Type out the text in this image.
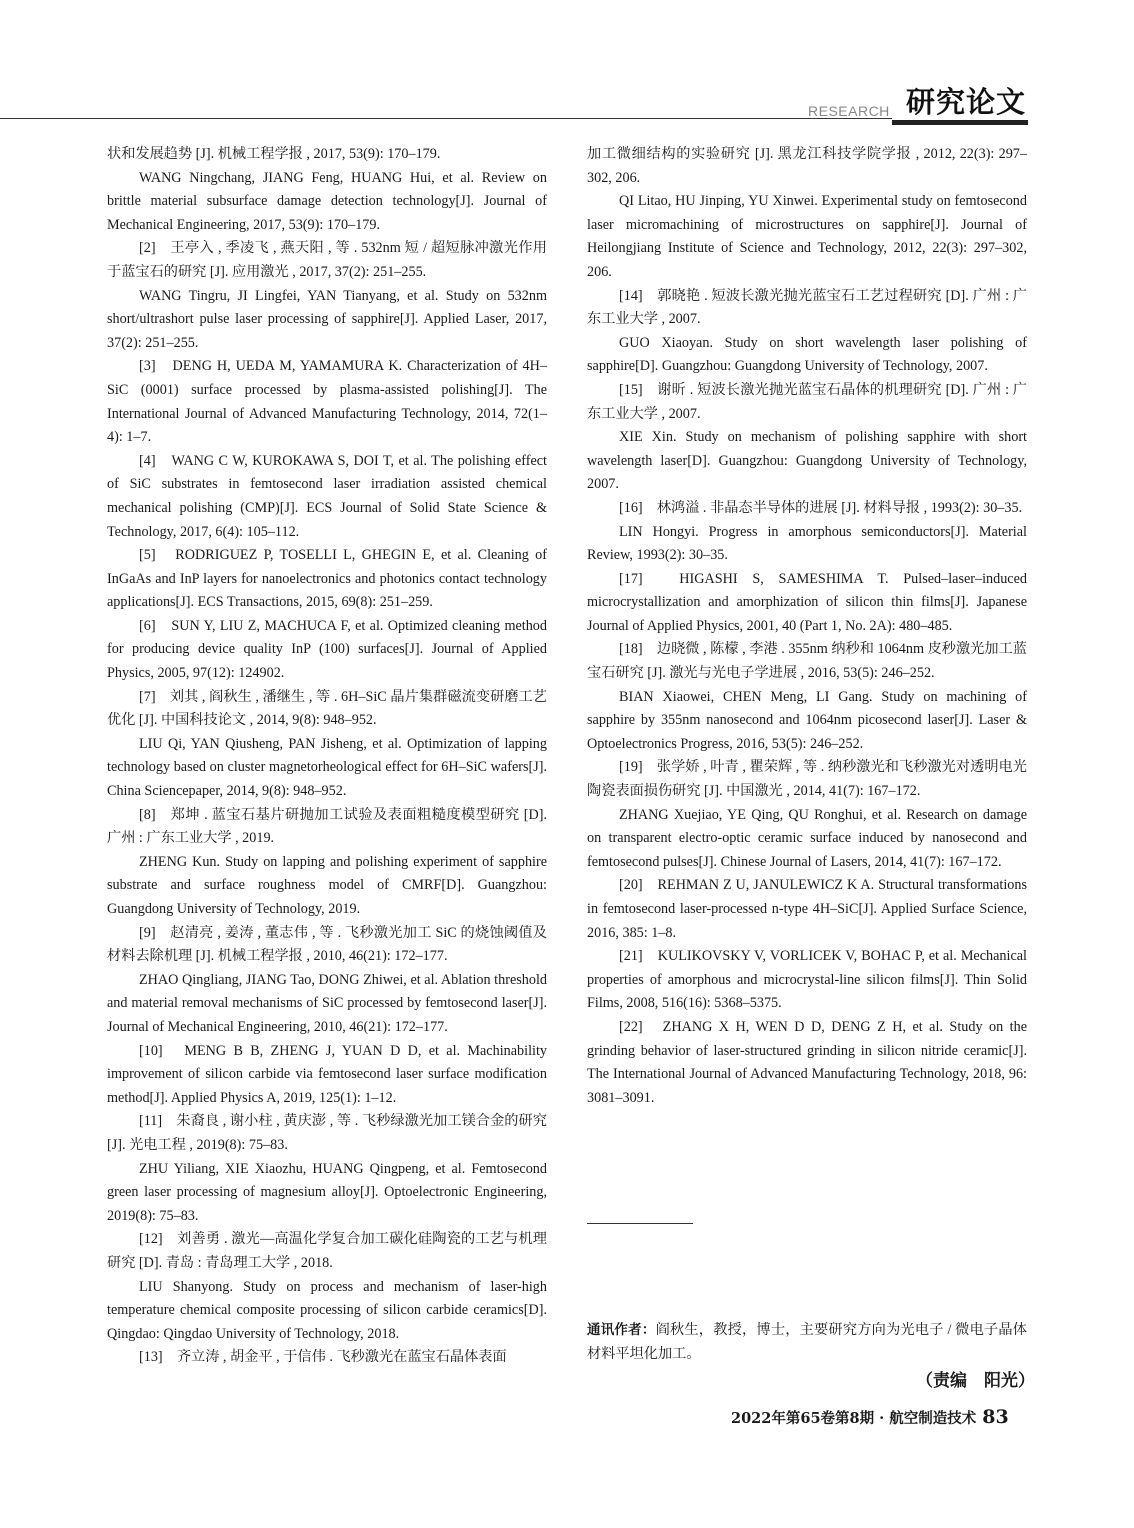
RESEARCH 研究论文

状和发展趋势 [J]. 机械工程学报 , 2017, 53(9): 170–179.

WANG Ningchang, JIANG Feng, HUANG Hui, et al. Review on brittle material subsurface damage detection technology[J]. Journal of Mechanical Engineering, 2017, 53(9): 170–179.

[2]　王亭入 , 季凌飞 , 燕天阳 , 等 . 532nm 短 / 超短脉冲激光作用于蓝宝石的研究 [J]. 应用激光 , 2017, 37(2): 251–255.

WANG Tingru, JI Lingfei, YAN Tianyang, et al. Study on 532nm short/ultrashort pulse laser processing of sapphire[J]. Applied Laser, 2017, 37(2): 251–255.

[3]　DENG H, UEDA M, YAMAMURA K. Characterization of 4H–SiC (0001) surface processed by plasma-assisted polishing[J]. The International Journal of Advanced Manufacturing Technology, 2014, 72(1–4): 1–7.

[4]　WANG C W, KUROKAWA S, DOI T, et al. The polishing effect of SiC substrates in femtosecond laser irradiation assisted chemical mechanical polishing (CMP)[J]. ECS Journal of Solid State Science & Technology, 2017, 6(4): 105–112.

[5]　RODRIGUEZ P, TOSELLI L, GHEGIN E, et al. Cleaning of InGaAs and InP layers for nanoelectronics and photonics contact technology applications[J]. ECS Transactions, 2015, 69(8): 251–259.

[6]　SUN Y, LIU Z, MACHUCA F, et al. Optimized cleaning method for producing device quality InP (100) surfaces[J]. Journal of Applied Physics, 2005, 97(12): 124902.

[7]　刘其 , 阎秋生 , 潘继生 , 等 . 6H–SiC 晶片集群磁流变研磨工艺优化 [J]. 中国科技论文 , 2014, 9(8): 948–952.

LIU Qi, YAN Qiusheng, PAN Jisheng, et al. Optimization of lapping technology based on cluster magnetorheological effect for 6H–SiC wafers[J]. China Sciencepaper, 2014, 9(8): 948–952.

[8]　郑坤 . 蓝宝石基片研抛加工试验及表面粗糙度模型研究 [D]. 广州 : 广东工业大学 , 2019.

ZHENG Kun. Study on lapping and polishing experiment of sapphire substrate and surface roughness model of CMRF[D]. Guangzhou: Guangdong University of Technology, 2019.

[9]　赵清亮 , 姜涛 , 董志伟 , 等 . 飞秒激光加工 SiC 的烧蚀阈值及材料去除机理 [J]. 机械工程学报 , 2010, 46(21): 172–177.

ZHAO Qingliang, JIANG Tao, DONG Zhiwei, et al. Ablation threshold and material removal mechanisms of SiC processed by femtosecond laser[J]. Journal of Mechanical Engineering, 2010, 46(21): 172–177.

[10]　MENG B B, ZHENG J, YUAN D D, et al. Machinability improvement of silicon carbide via femtosecond laser surface modification method[J]. Applied Physics A, 2019, 125(1): 1–12.

[11]　朱裔良 , 谢小柱 , 黄庆澎 , 等 . 飞秒绿激光加工镁合金的研究 [J]. 光电工程 , 2019(8): 75–83.

ZHU Yiliang, XIE Xiaozhu, HUANG Qingpeng, et al. Femtosecond green laser processing of magnesium alloy[J]. Optoelectronic Engineering, 2019(8): 75–83.

[12]　刘善勇 . 激光—高温化学复合加工碳化硅陶瓷的工艺与机理研究 [D]. 青岛 : 青岛理工大学 , 2018.

LIU Shanyong. Study on process and mechanism of laser-high temperature chemical composite processing of silicon carbide ceramics[D]. Qingdao: Qingdao University of Technology, 2018.

[13]　齐立涛 , 胡金平 , 于信伟 . 飞秒激光在蓝宝石晶体表面

加工微细结构的实验研究 [J]. 黑龙江科技学院学报 , 2012, 22(3): 297–302, 206.

QI Litao, HU Jinping, YU Xinwei. Experimental study on femtosecond laser micromachining of microstructures on sapphire[J]. Journal of Heilongjiang Institute of Science and Technology, 2012, 22(3): 297–302, 206.

[14]　郭晓艳 . 短波长激光抛光蓝宝石工艺过程研究 [D]. 广州 : 广东工业大学 , 2007.

GUO Xiaoyan. Study on short wavelength laser polishing of sapphire[D]. Guangzhou: Guangdong University of Technology, 2007.

[15]　谢昕 . 短波长激光抛光蓝宝石晶体的机理研究 [D]. 广州 : 广东工业大学 , 2007.

XIE Xin. Study on mechanism of polishing sapphire with short wavelength laser[D]. Guangzhou: Guangdong University of Technology, 2007.

[16]　林鸿溢 . 非晶态半导体的进展 [J]. 材料导报 , 1993(2): 30–35.

LIN Hongyi. Progress in amorphous semiconductors[J]. Material Review, 1993(2): 30–35.

[17]　HIGASHI S, SAMESHIMA T. Pulsed–laser–induced microcrystallization and amorphization of silicon thin films[J]. Japanese Journal of Applied Physics, 2001, 40 (Part 1, No. 2A): 480–485.

[18]　边晓微 , 陈檬 , 李港 . 355nm 纳秒和 1064nm 皮秒激光加工蓝宝石研究 [J]. 激光与光电子学进展 , 2016, 53(5): 246–252.

BIAN Xiaowei, CHEN Meng, LI Gang. Study on machining of sapphire by 355nm nanosecond and 1064nm picosecond laser[J]. Laser & Optoelectronics Progress, 2016, 53(5): 246–252.

[19]　张学娇 , 叶青 , 瞿荣辉 , 等 . 纳秒激光和飞秒激光对透明电光陶瓷表面损伤研究 [J]. 中国激光 , 2014, 41(7): 167–172.

ZHANG Xuejiao, YE Qing, QU Ronghui, et al. Research on damage on transparent electro-optic ceramic surface induced by nanosecond and femtosecond pulses[J]. Chinese Journal of Lasers, 2014, 41(7): 167–172.

[20]　REHMAN Z U, JANULEWICZ K A. Structural transformations in femtosecond laser-processed n-type 4H–SiC[J]. Applied Surface Science, 2016, 385: 1–8.

[21]　KULIKOVSKY V, VORLICEK V, BOHAC P, et al. Mechanical properties of amorphous and microcrystal-line silicon films[J]. Thin Solid Films, 2008, 516(16): 5368–5375.

[22]　ZHANG X H, WEN D D, DENG Z H, et al. Study on the grinding behavior of laser-structured grinding in silicon nitride ceramic[J]. The International Journal of Advanced Manufacturing Technology, 2018, 96: 3081–3091.

通讯作者：阎秋生，教授，博士，主要研究方向为光电子 / 微电子晶体材料平坦化加工。

（责编　阳光）
2022年第65卷第8期 · 航空制造技术 83
